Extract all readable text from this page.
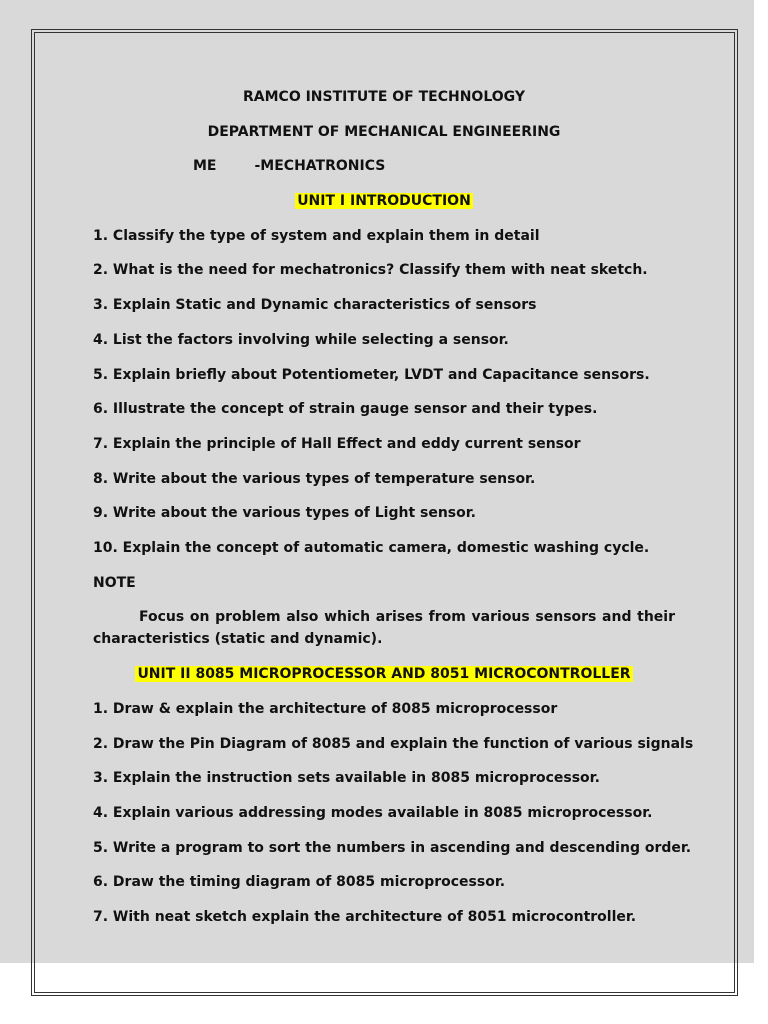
RAMCO INSTITUTE OF TECHNOLOGY
DEPARTMENT OF MECHANICAL ENGINEERING
ME	-MECHATRONICS
UNIT I INTRODUCTION
1. Classify the type of system and explain them in detail
2. What is the need for mechatronics? Classify them with neat sketch.
3. Explain Static and Dynamic characteristics of sensors
4. List the factors involving while selecting a sensor.
5. Explain briefly about Potentiometer, LVDT and Capacitance sensors.
6. Illustrate the concept of strain gauge sensor and their types.
7. Explain the principle of Hall Effect and eddy current sensor
8. Write about the various types of temperature sensor.
9. Write about the various types of Light sensor.
10. Explain the concept of automatic camera, domestic washing cycle.
NOTE
Focus on problem also which arises from various sensors and their characteristics (static and dynamic).
UNIT II 8085 MICROPROCESSOR AND 8051 MICROCONTROLLER
1. Draw & explain the architecture of 8085 microprocessor
2. Draw the Pin Diagram of 8085 and explain the function of various signals
3. Explain the instruction sets available in 8085 microprocessor.
4. Explain various addressing modes available in 8085 microprocessor.
5. Write a program to sort the numbers in ascending and descending order.
6. Draw the timing diagram of 8085 microprocessor.
7. With neat sketch explain the architecture of 8051 microcontroller.
